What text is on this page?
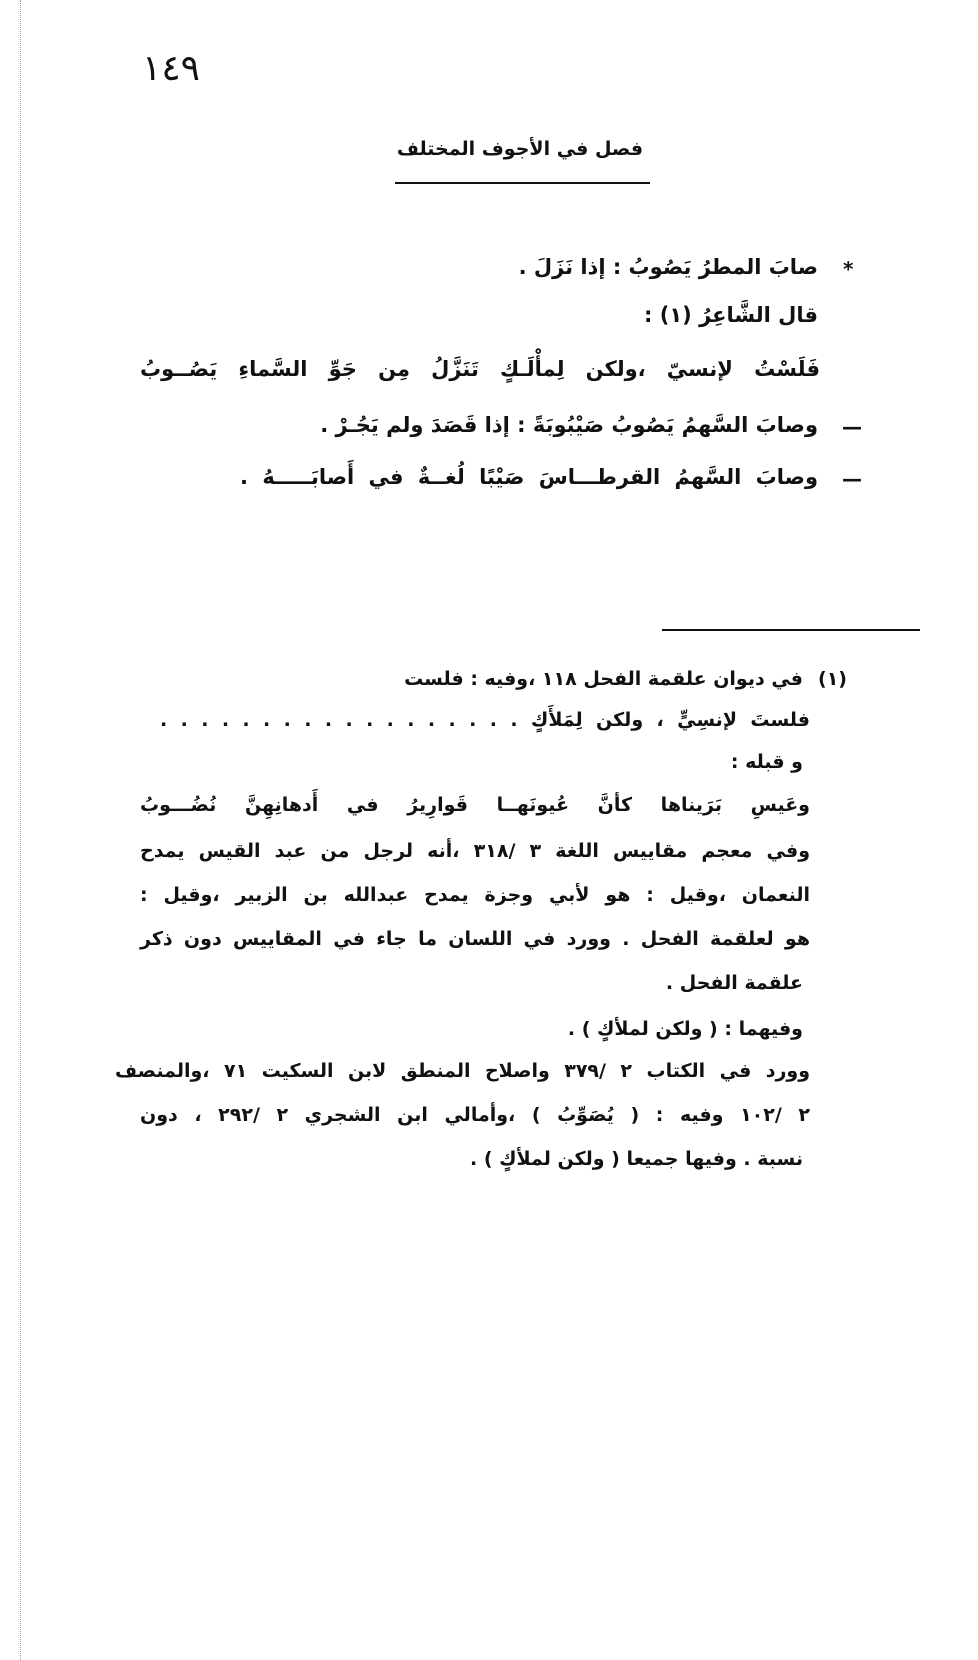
١٤٩
فصل في الأجوف المختلف
*
صابَ المطرُ يَصُوبُ : إذا نَزَلَ .
قال الشَّاعِرُ (١) :
فَلَسْتُ لإنسيّ ،ولكن لِمأْلَـكٍ تَنَزَّلُ مِن جَوِّ السَّماءِ يَصُــوبُ
—
وصابَ السَّهمُ يَصُوبُ صَيْبُوبَةً : إذا قَصَدَ ولم يَجُـرْ .
—
وصابَ السَّهمُ القرطـــاسَ صَيْبًا لُغــةٌ في أَصابَـــــهُ .
(١)
في ديوان علقمة الفحل ١١٨ ،وفيه : فلست
فلستَ لإنسِيٍّ ، ولكن لِمَلأَكٍ . . . . . . . . . . . . . . . . . .
و قبله :
وعَيسِ بَرَيناها كأنَّ عُيونَهــا قَوارِيرُ في أَدهانِهِنَّ نُضُـــوبُ
وفي معجم مقاييس اللغة ٣ /٣١٨ ،أنه لرجل من عبد القيس يمدح
النعمان ،وقيل : هو لأبي وجزة يمدح عبدالله بن الزبير ،وقيل :
هو لعلقمة الفحل . وورد في اللسان ما جاء في المقاييس دون ذكر
علقمة الفحل .
وفيهما : ( ولكن لملأكٍ ) .
وورد في الكتاب ٢ /٣٧٩ واصلاح المنطق لابن السكيت ٧١ ،والمنصف
٢ /١٠٢ وفيه : ( يُصَوِّبُ ) ،وأمالي ابن الشجري ٢ /٢٩٢ ، دون
نسبة . وفيها جميعا ( ولكن لملأكٍ ) .
